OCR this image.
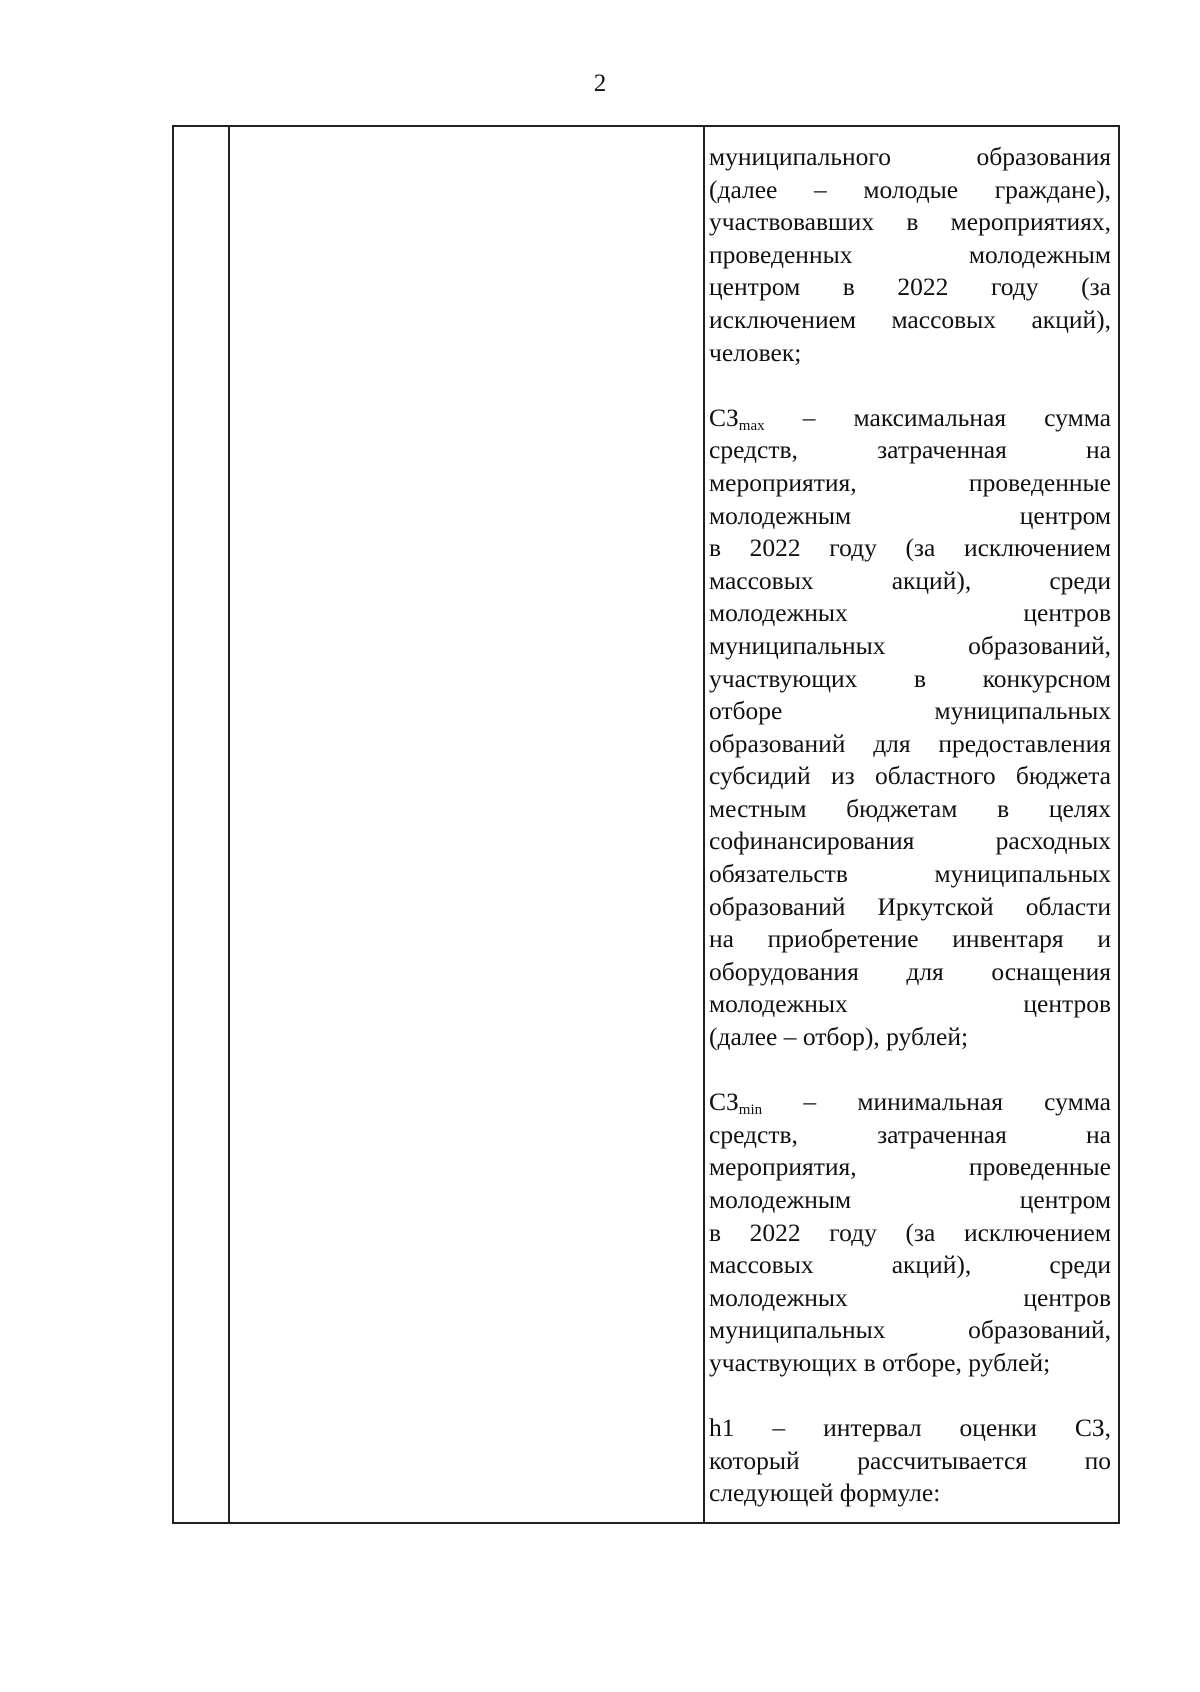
2
муниципального образования
(далее – молодые граждане),
участвовавших в мероприятиях,
проведенных молодежным
центром в 2022 году (за
исключением массовых акций),
человек;
$СЗ_{max}$ – максимальная сумма
средств, затраченная на
мероприятия, проведенные
молодежным центром
в 2022 году (за исключением
массовых акций), среди
молодежных центров
муниципальных образований,
участвующих в конкурсном
отборе муниципальных
образований для предоставления
субсидий из областного бюджета
местным бюджетам в целях
софинансирования расходных
обязательств муниципальных
образований Иркутской области
на приобретение инвентаря и
оборудования для оснащения
молодежных центров
(далее – отбор), рублей;
$СЗ_{min}$ – минимальная сумма
средств, затраченная на
мероприятия, проведенные
молодежным центром
в 2022 году (за исключением
массовых акций), среди
молодежных центров
муниципальных образований,
участвующих в отборе, рублей;
h1 – интервал оценки СЗ,
который рассчитывается по
следующей формуле:
